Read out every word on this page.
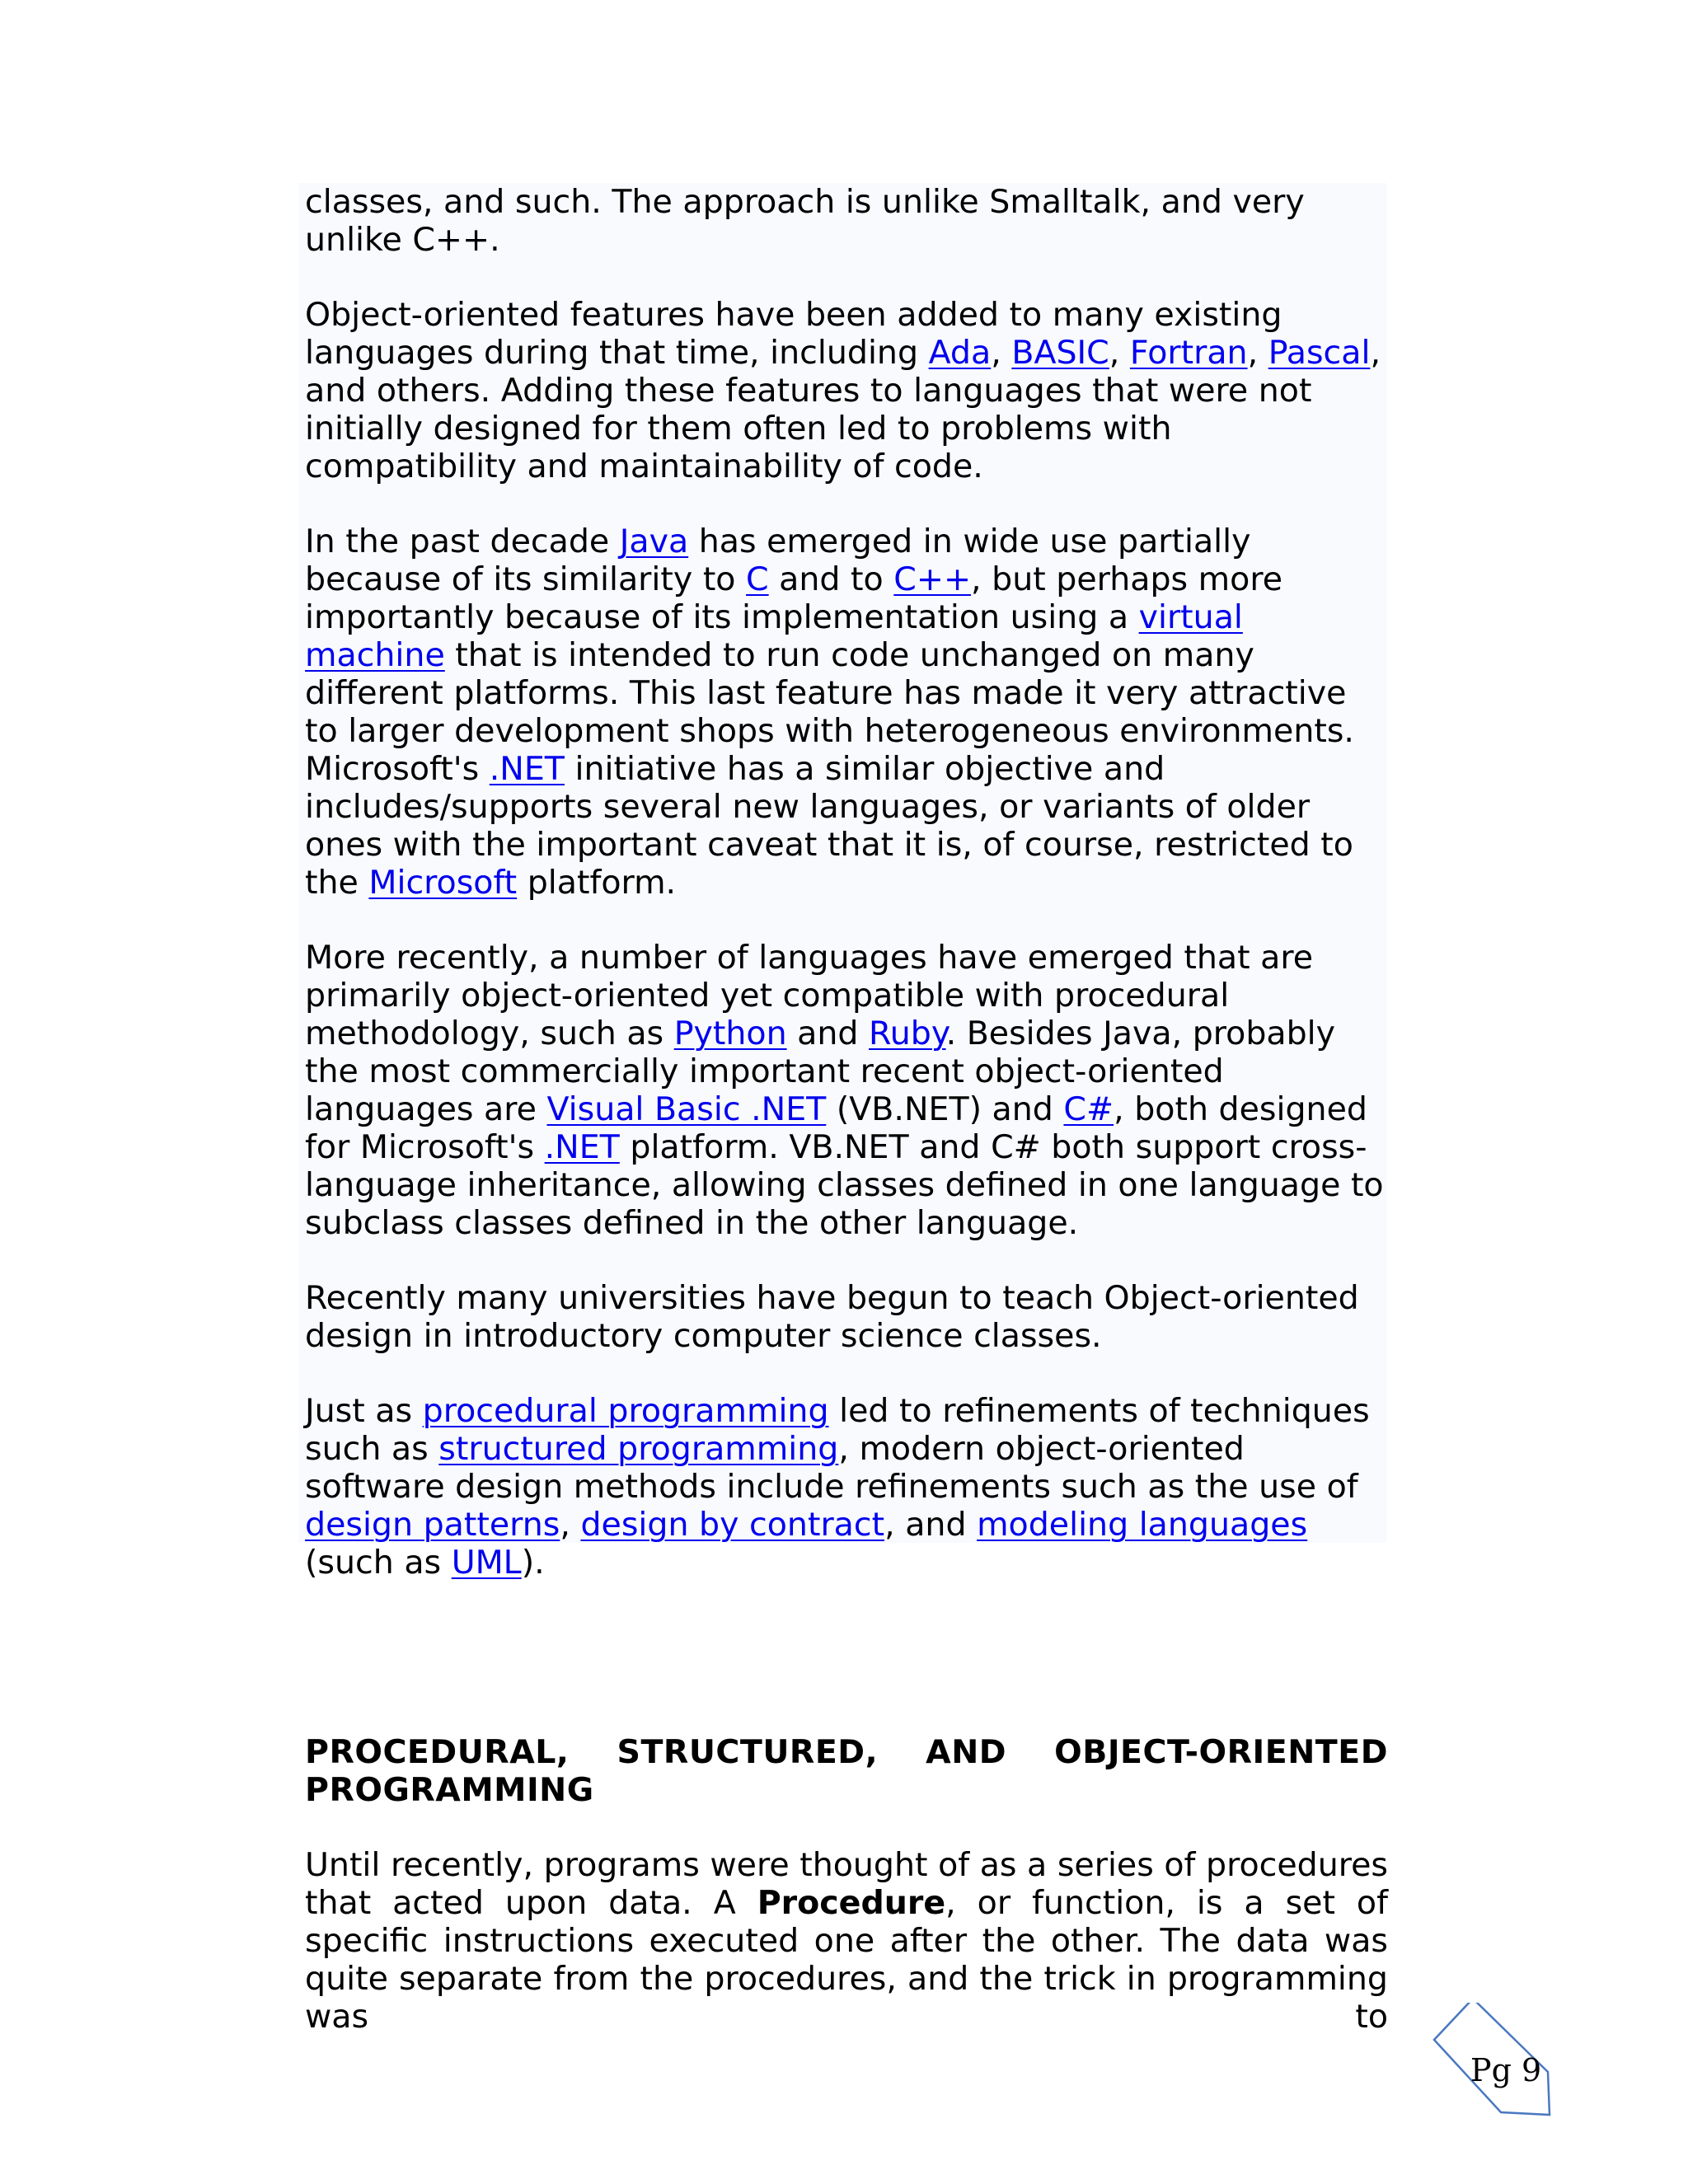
classes, and such. The approach is unlike Smalltalk, and very unlike C++.

Object-oriented features have been added to many existing languages during that time, including Ada, BASIC, Fortran, Pascal, and others. Adding these features to languages that were not initially designed for them often led to problems with compatibility and maintainability of code.

In the past decade Java has emerged in wide use partially because of its similarity to C and to C++, but perhaps more importantly because of its implementation using a virtual machine that is intended to run code unchanged on many different platforms. This last feature has made it very attractive to larger development shops with heterogeneous environments. Microsoft's .NET initiative has a similar objective and includes/supports several new languages, or variants of older ones with the important caveat that it is, of course, restricted to the Microsoft platform.

More recently, a number of languages have emerged that are primarily object-oriented yet compatible with procedural methodology, such as Python and Ruby. Besides Java, probably the most commercially important recent object-oriented languages are Visual Basic .NET (VB.NET) and C#, both designed for Microsoft's .NET platform. VB.NET and C# both support cross-language inheritance, allowing classes defined in one language to subclass classes defined in the other language.

Recently many universities have begun to teach Object-oriented design in introductory computer science classes.

Just as procedural programming led to refinements of techniques such as structured programming, modern object-oriented software design methods include refinements such as the use of design patterns, design by contract, and modeling languages (such as UML).

PROCEDURAL, STRUCTURED, AND OBJECT-ORIENTED PROGRAMMING
Until recently, programs were thought of as a series of procedures that acted upon data. A Procedure, or function, is a set of specific instructions executed one after the other. The data was quite separate from the procedures, and the trick in programming was to
Pg 9
